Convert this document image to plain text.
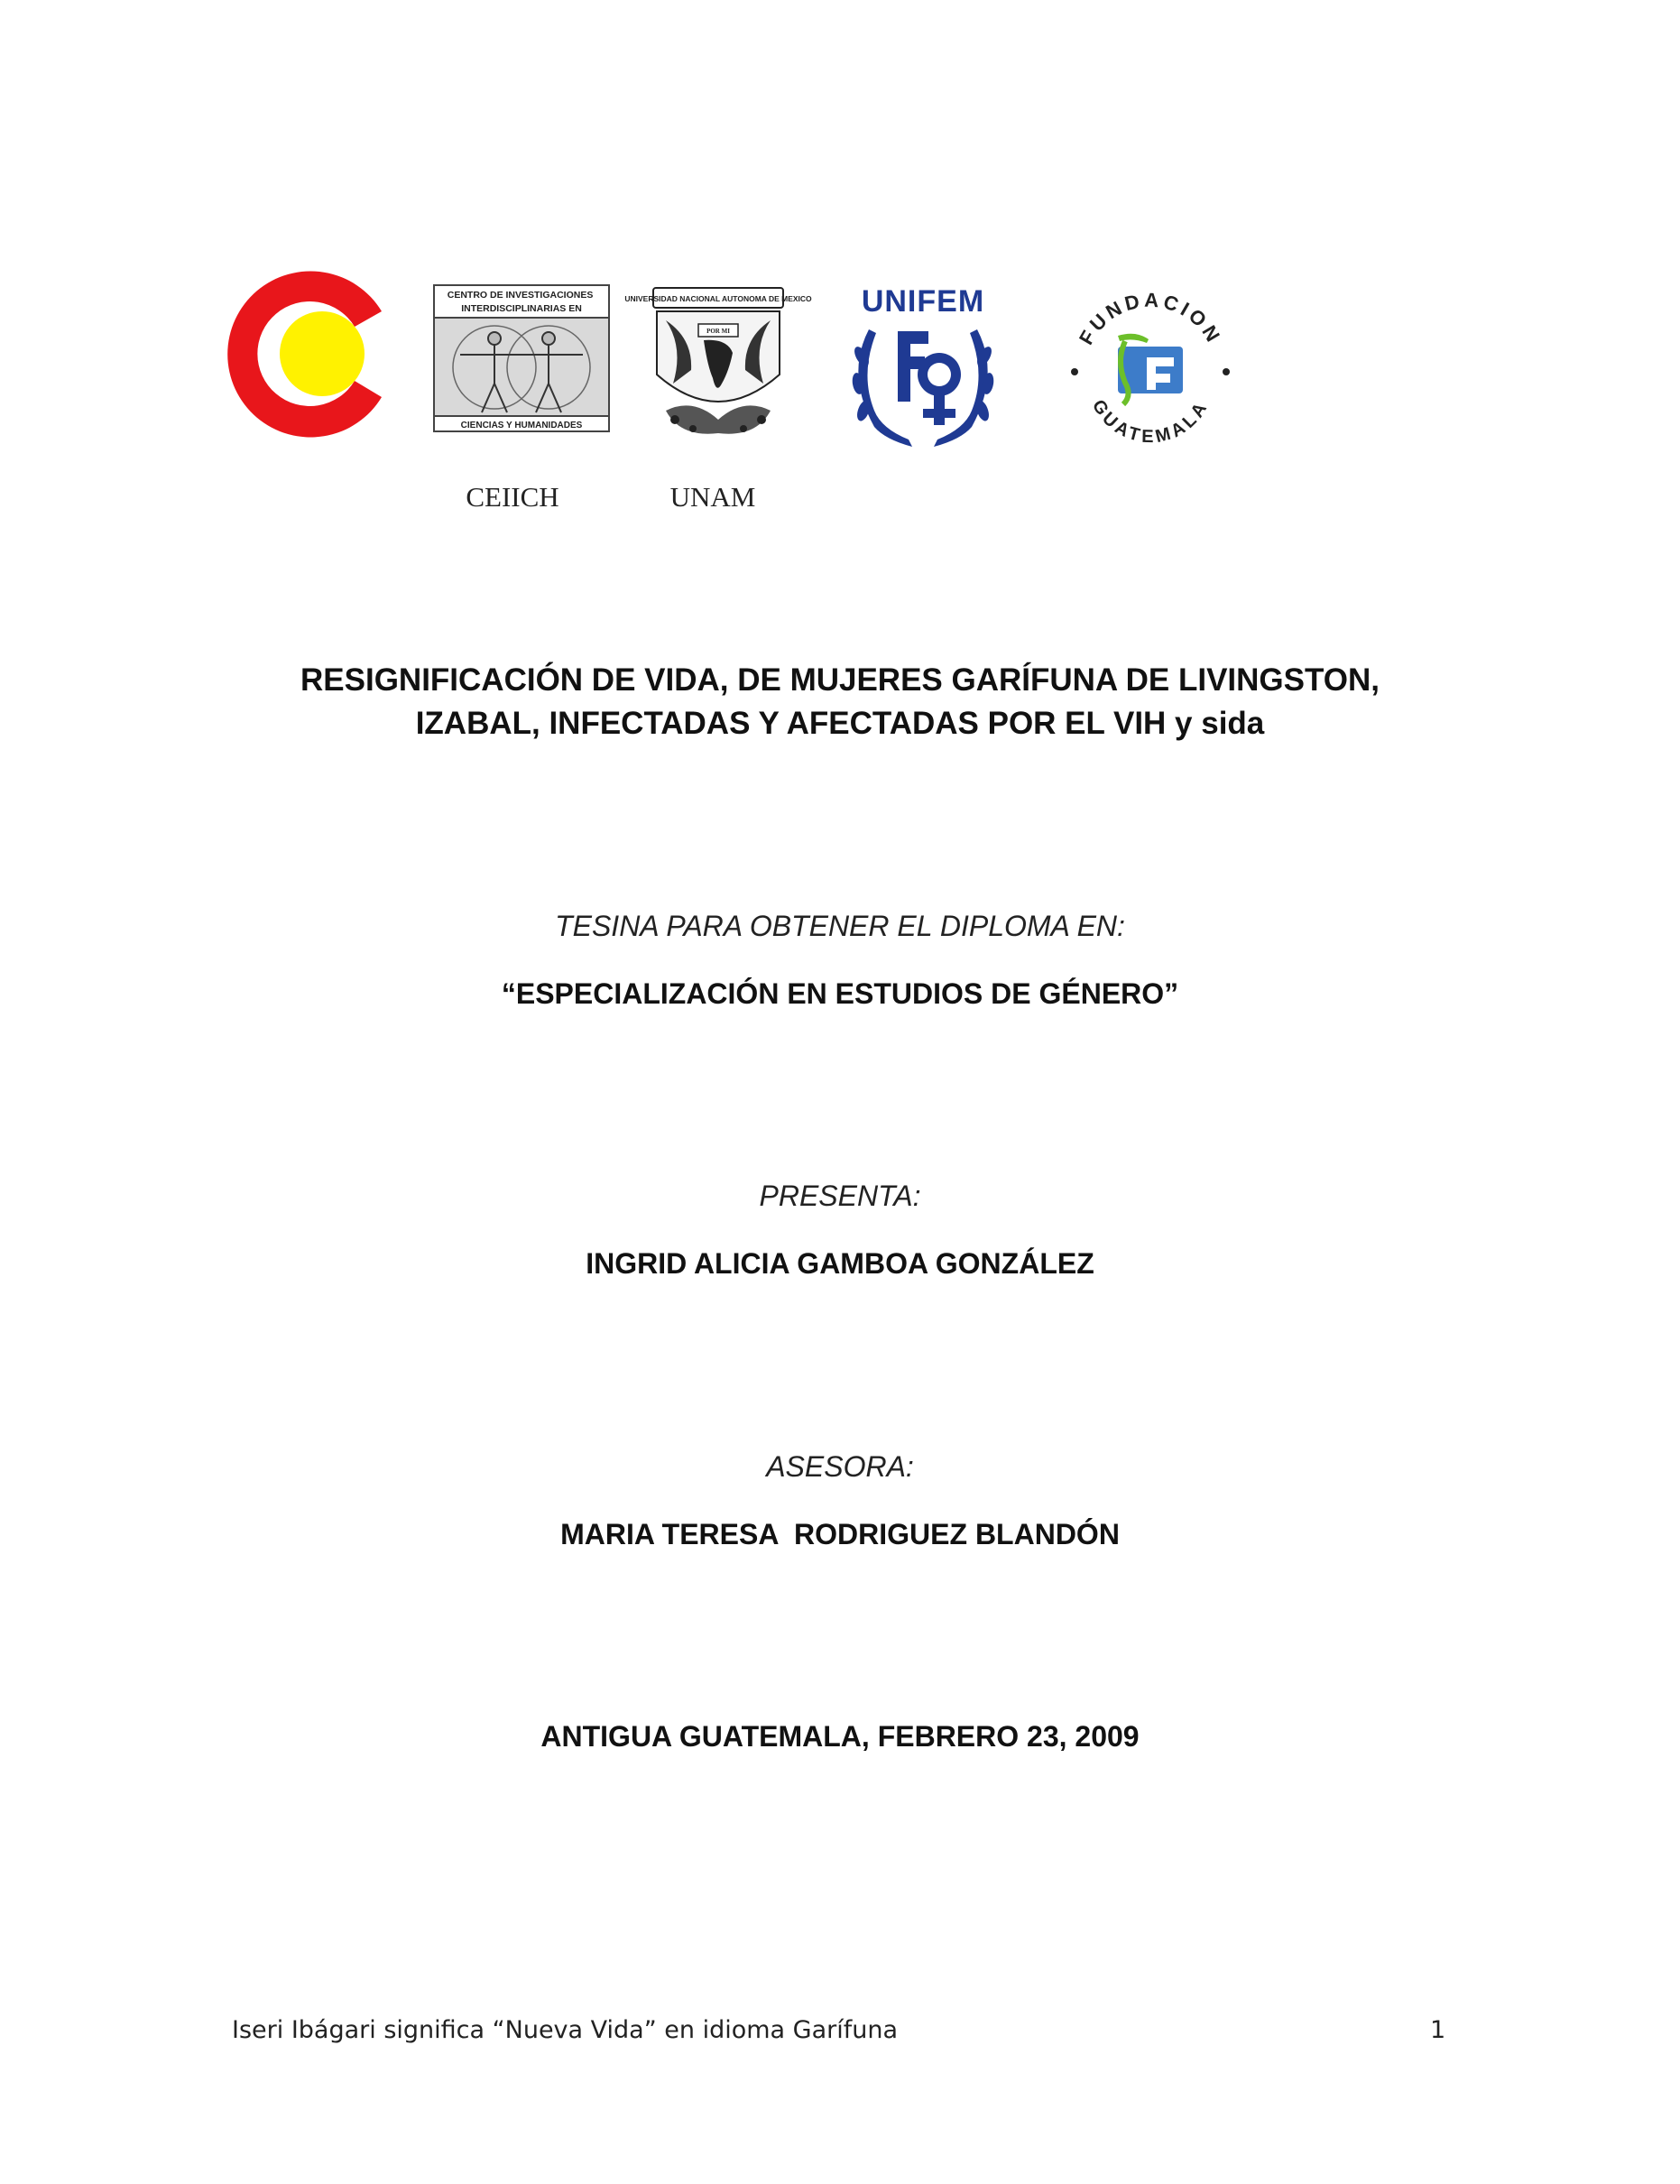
CENTRO DE INVESTIGACIONES INTERDISCIPLINARIAS EN
CIENCIAS Y HUMANIDADES
UNIVERSIDAD NACIONAL AUTONOMA DE MEXICO
POR MI
UNIFEM
FUNDACION
GUATEMALA
CEIICH	UNAM
RESIGNIFICACIÓN DE VIDA, DE MUJERES GARÍFUNA DE LIVINGSTON,
IZABAL, INFECTADAS Y AFECTADAS POR EL VIH y sida
TESINA PARA OBTENER EL DIPLOMA EN:
“ESPECIALIZACIÓN EN ESTUDIOS DE GÉNERO”
PRESENTA:
INGRID ALICIA GAMBOA GONZÁLEZ
ASESORA:
MARIA TERESA  RODRIGUEZ BLANDÓN
ANTIGUA GUATEMALA, FEBRERO 23, 2009
Iseri Ibágari significa “Nueva Vida” en idioma Garífuna	1
